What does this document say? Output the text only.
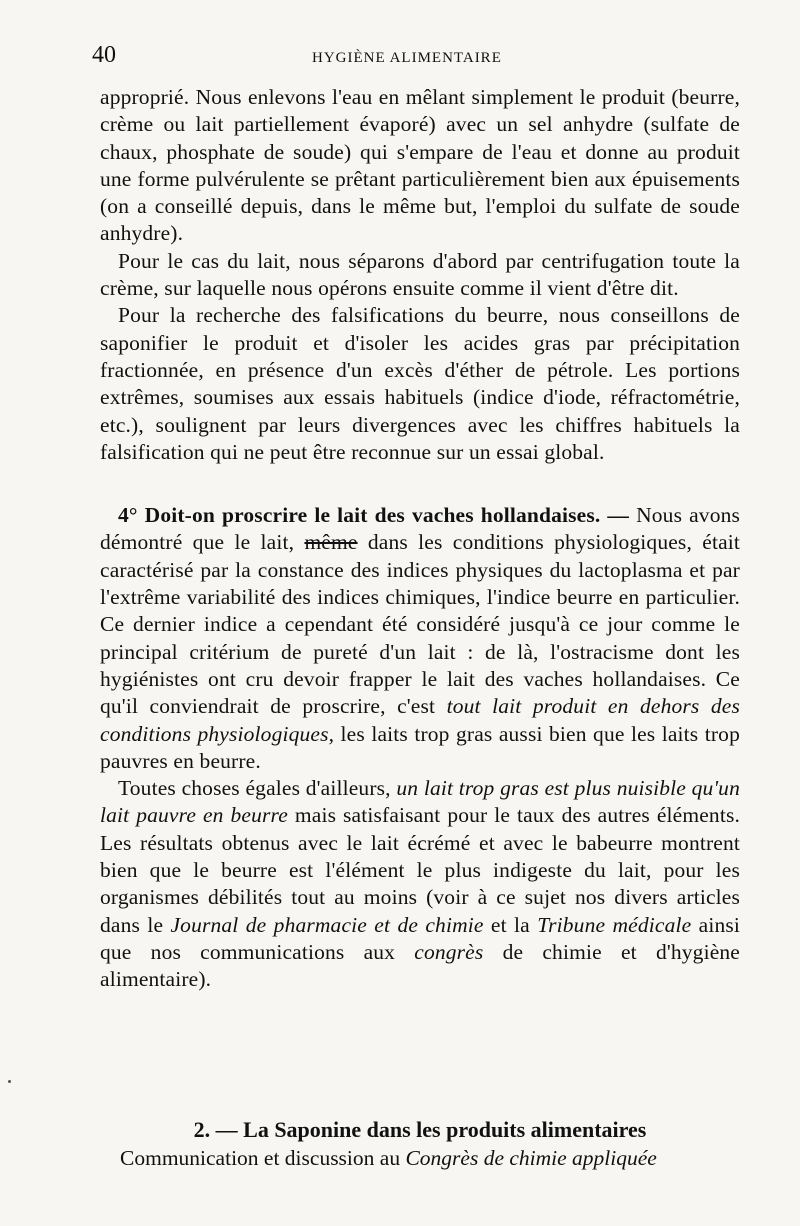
40	HYGIÈNE ALIMENTAIRE

approprié. Nous enlevons l'eau en mêlant simplement le produit (beurre, crème ou lait partiellement évaporé) avec un sel anhydre (sulfate de chaux, phosphate de soude) qui s'empare de l'eau et donne au produit une forme pulvérulente se prêtant particulièrement bien aux épuisements (on a conseillé depuis, dans le même but, l'emploi du sulfate de soude anhydre).

Pour le cas du lait, nous séparons d'abord par centrifugation toute la crème, sur laquelle nous opérons ensuite comme il vient d'être dit.

Pour la recherche des falsifications du beurre, nous conseillons de saponifier le produit et d'isoler les acides gras par précipitation fractionnée, en présence d'un excès d'éther de pétrole. Les portions extrêmes, soumises aux essais habituels (indice d'iode, réfractométrie, etc.), soulignent par leurs divergences avec les chiffres habituels la falsification qui ne peut être reconnue sur un essai global.

4° Doit-on proscrire le lait des vaches hollandaises. — Nous avons démontré que le lait, même dans les conditions physiologiques, était caractérisé par la constance des indices physiques du lactoplasma et par l'extrême variabilité des indices chimiques, l'indice beurre en particulier. Ce dernier indice a cependant été considéré jusqu'à ce jour comme le principal critérium de pureté d'un lait : de là, l'ostracisme dont les hygiénistes ont cru devoir frapper le lait des vaches hollandaises. Ce qu'il conviendrait de proscrire, c'est tout lait produit en dehors des conditions physiologiques, les laits trop gras aussi bien que les laits trop pauvres en beurre.

Toutes choses égales d'ailleurs, un lait trop gras est plus nuisible qu'un lait pauvre en beurre mais satisfaisant pour le taux des autres éléments. Les résultats obtenus avec le lait écrémé et avec le babeurre montrent bien que le beurre est l'élément le plus indigeste du lait, pour les organismes débilités tout au moins (voir à ce sujet nos divers articles dans le Journal de pharmacie et de chimie et la Tribune médicale ainsi que nos communications aux congrès de chimie et d'hygiène alimentaire).

2. — La Saponine dans les produits alimentaires
Communication et discussion au Congrès de chimie appliquée
